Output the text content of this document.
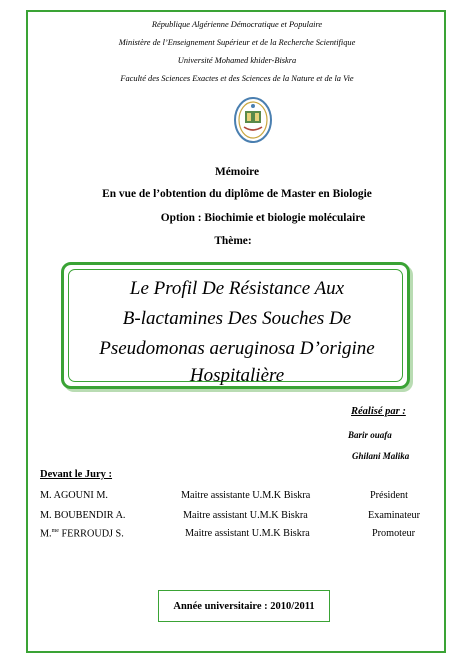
République Algérienne Démocratique et Populaire
Ministère de l’Enseignement Supérieur et de la Recherche Scientifique
Université Mohamed khider-Biskra
Faculté des Sciences Exactes et des Sciences de la Nature et de la Vie
Mémoire
En vue de l’obtention du diplôme de Master en Biologie
Option : Biochimie et biologie moléculaire
Thème:
Le Profil De Résistance Aux
B-lactamines Des Souches De
Pseudomonas aeruginosa D’origine
Hospitalière
Réalisé par :
Barir ouafa
Ghilani Malika
Devant le Jury :
M. AGOUNI M.	Maitre assistante U.M.K Biskra	Président
M. BOUBENDIR A.	Maitre assistant U.M.K Biskra	Examinateur
M.$^{me}$ FERROUDJ S.	Maitre assistant U.M.K Biskra	Promoteur
Année universitaire : 2010/2011
